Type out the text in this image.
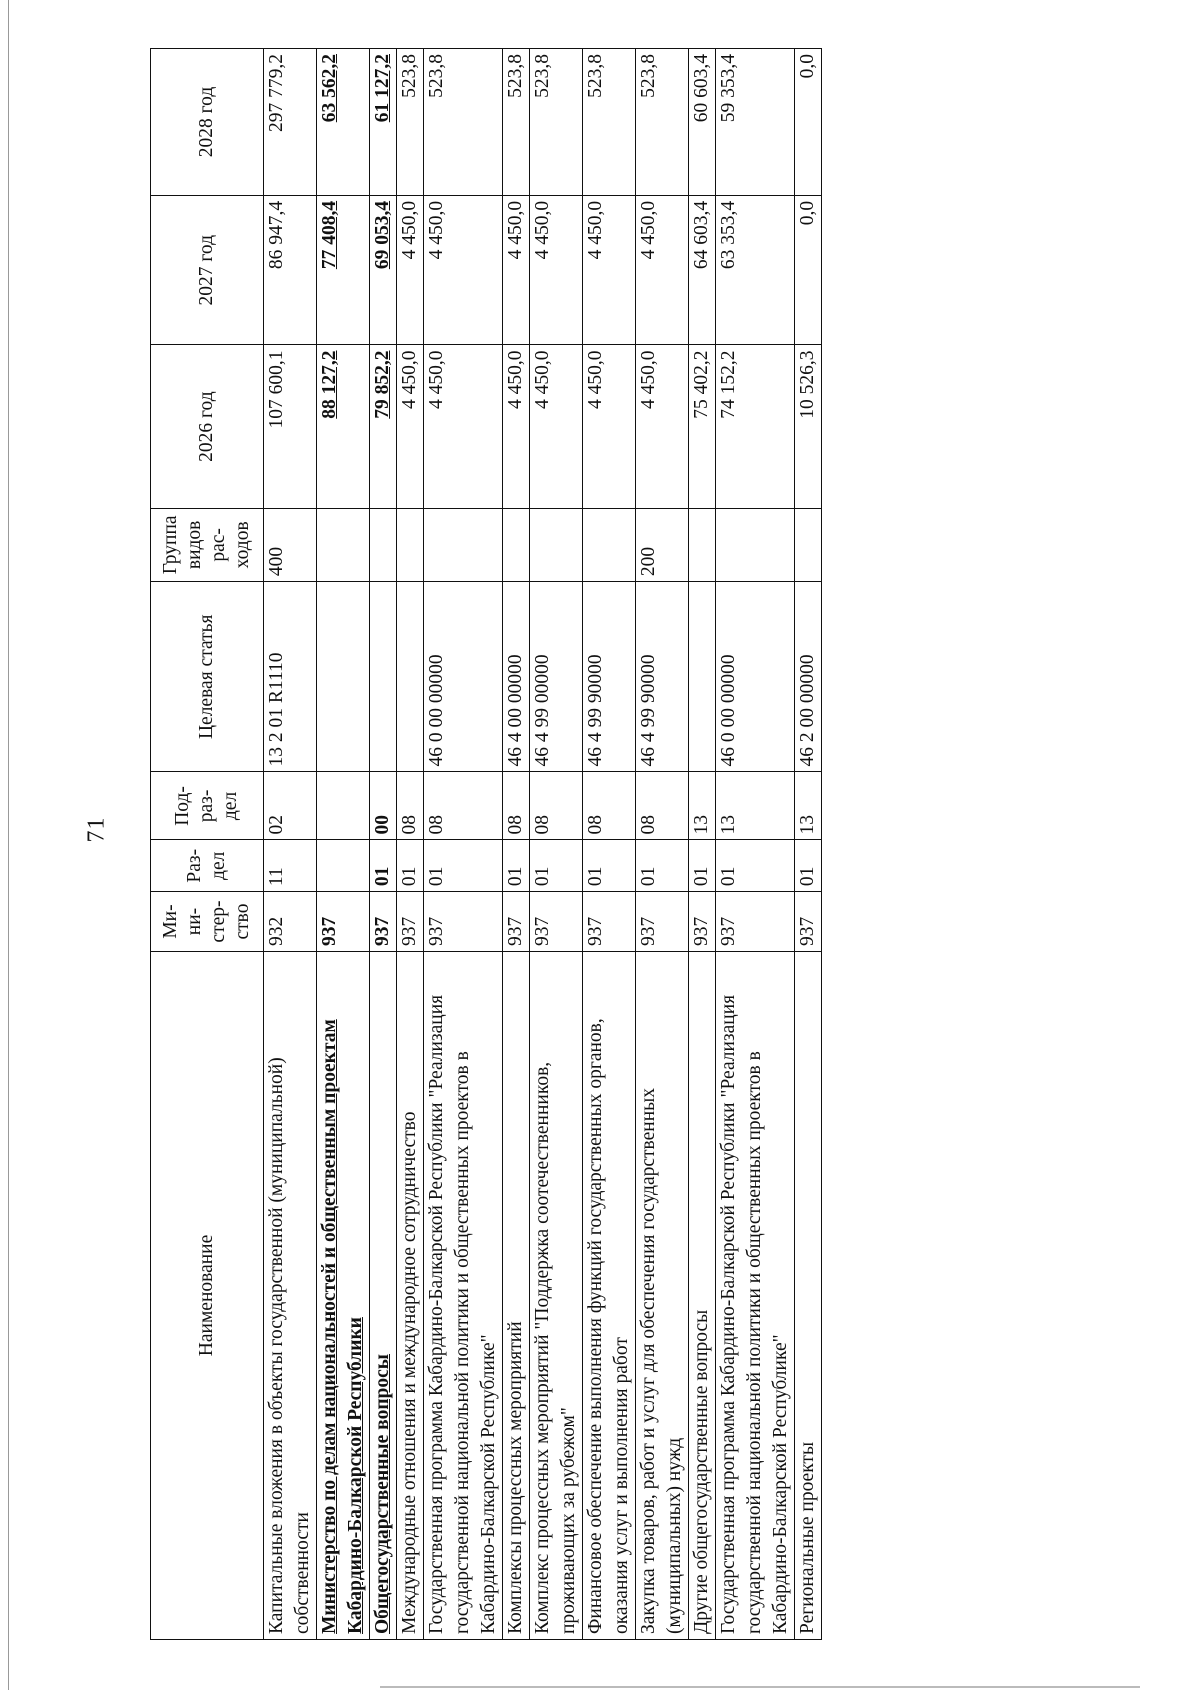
71
Наименование	Ми-ни-стер-ство	Раз-дел	Под-раз-дел	Целевая статья	Группа видов рас-ходов	2026 год	2027 год	2028 год
Капитальные вложения в объекты государственной (муниципальной) собственности	932	11	02	13 2 01 R1110	400	107 600,1	86 947,4	297 779,2
Министерство по делам национальностей и общественным проектам Кабардино-Балкарской Республики	937					88 127,2	77 408,4	63 562,2
Общегосударственные вопросы	937	01	00			79 852,2	69 053,4	61 127,2
Международные отношения и международное сотрудничество	937	01	08			4 450,0	4 450,0	523,8
Государственная программа Кабардино-Балкарской Республики "Реализация государственной национальной политики и общественных проектов в Кабардино-Балкарской Республике"	937	01	08	46 0 00 00000		4 450,0	4 450,0	523,8
Комплексы процессных мероприятий	937	01	08	46 4 00 00000		4 450,0	4 450,0	523,8
Комплекс процессных мероприятий "Поддержка соотечественников, проживающих за рубежом"	937	01	08	46 4 99 00000		4 450,0	4 450,0	523,8
Финансовое обеспечение выполнения функций государственных органов, оказания услуг и выполнения работ	937	01	08	46 4 99 90000		4 450,0	4 450,0	523,8
Закупка товаров, работ и услуг для обеспечения государственных (муниципальных) нужд	937	01	08	46 4 99 90000	200	4 450,0	4 450,0	523,8
Другие общегосударственные вопросы	937	01	13			75 402,2	64 603,4	60 603,4
Государственная программа Кабардино-Балкарской Республики "Реализация государственной национальной политики и общественных проектов в Кабардино-Балкарской Республике"	937	01	13	46 0 00 00000		74 152,2	63 353,4	59 353,4
Региональные проекты	937	01	13	46 2 00 00000		10 526,3	0,0	0,0
